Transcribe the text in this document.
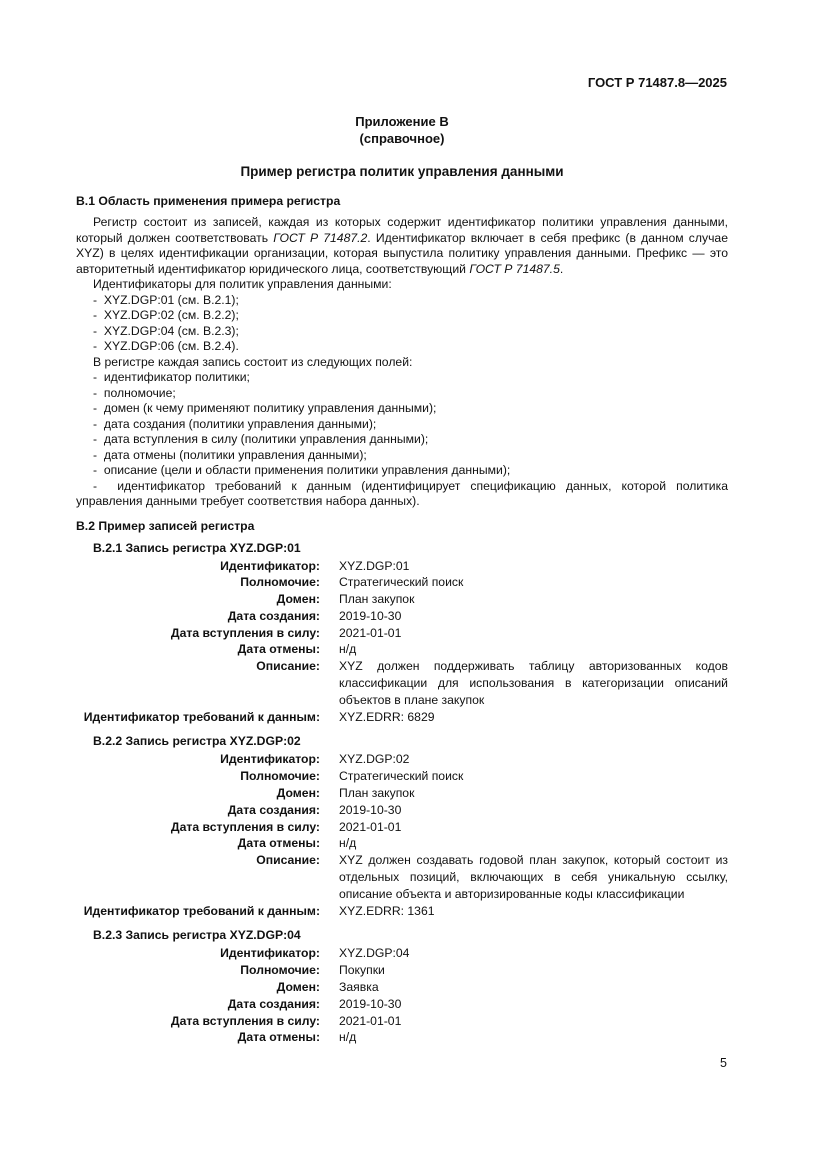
ГОСТ Р 71487.8—2025
Приложение В
(справочное)
Пример регистра политик управления данными
В.1 Область применения примера регистра

Регистр состоит из записей, каждая из которых содержит идентификатор политики управления данными, который должен соответствовать ГОСТ Р 71487.2. Идентификатор включает в себя префикс (в данном случае XYZ) в целях идентификации организации, которая выпустила политику управления данными. Префикс — это авторитетный идентификатор юридического лица, соответствующий ГОСТ Р 71487.5.

Идентификаторы для политик управления данными:

-  XYZ.DGP:01 (см. В.2.1);
-  XYZ.DGP:02 (см. В.2.2);
-  XYZ.DGP:04 (см. В.2.3);
-  XYZ.DGP:06 (см. В.2.4).

В регистре каждая запись состоит из следующих полей:

-  идентификатор политики;
-  полномочие;
-  домен (к чему применяют политику управления данными);
-  дата создания (политики управления данными);
-  дата вступления в силу (политики управления данными);
-  дата отмены (политики управления данными);
-  описание (цели и области применения политики управления данными);

-  идентификатор требований к данным (идентифицирует спецификацию данных, которой политика управления данными требует соответствия набора данных).

В.2 Пример записей регистра
В.2.1 Запись регистра XYZ.DGP:01
Идентификатор:	XYZ.DGP:01
Полномочие:	Стратегический поиск
Домен:	План закупок
Дата создания:	2019-10-30
Дата вступления в силу:	2021-01-01
Дата отмены:	н/д
Описание:	XYZ должен поддерживать таблицу авторизованных кодов классификации для использования в категоризации описаний объектов в плане закупок
Идентификатор требований к данным:	XYZ.EDRR: 6829
В.2.2 Запись регистра XYZ.DGP:02
Идентификатор:	XYZ.DGP:02
Полномочие:	Стратегический поиск
Домен:	План закупок
Дата создания:	2019-10-30
Дата вступления в силу:	2021-01-01
Дата отмены:	н/д
Описание:	XYZ должен создавать годовой план закупок, который состоит из отдельных позиций, включающих в себя уникальную ссылку, описание объекта и авторизированные коды классификации
Идентификатор требований к данным:	XYZ.EDRR: 1361
В.2.3 Запись регистра XYZ.DGP:04
Идентификатор:	XYZ.DGP:04
Полномочие:	Покупки
Домен:	Заявка
Дата создания:	2019-10-30
Дата вступления в силу:	2021-01-01
Дата отмены:	н/д
5
